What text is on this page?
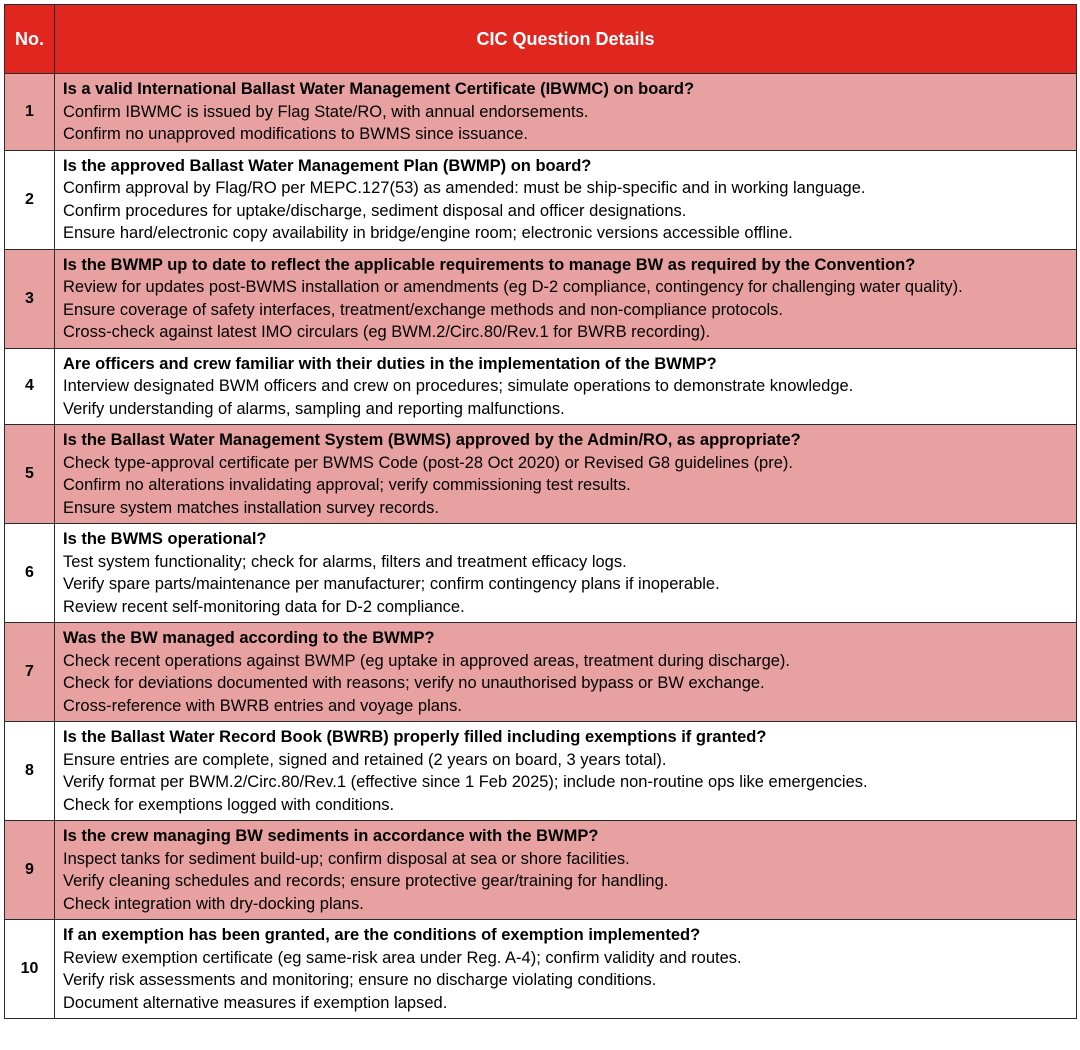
No.	CIC Question Details
1	Is a valid International Ballast Water Management Certificate (IBWMC) on board?
Confirm IBWMC is issued by Flag State/RO, with annual endorsements.
Confirm no unapproved modifications to BWMS since issuance.

2	Is the approved Ballast Water Management Plan (BWMP) on board?
Confirm approval by Flag/RO per MEPC.127(53) as amended: must be ship-specific and in working language.
Confirm procedures for uptake/discharge, sediment disposal and officer designations.
Ensure hard/electronic copy availability in bridge/engine room; electronic versions accessible offline.

3	Is the BWMP up to date to reflect the applicable requirements to manage BW as required by the Convention?
Review for updates post-BWMS installation or amendments (eg D-2 compliance, contingency for challenging water quality).
Ensure coverage of safety interfaces, treatment/exchange methods and non-compliance protocols.
Cross-check against latest IMO circulars (eg BWM.2/Circ.80/Rev.1 for BWRB recording).

4	Are officers and crew familiar with their duties in the implementation of the BWMP?
Interview designated BWM officers and crew on procedures; simulate operations to demonstrate knowledge.
Verify understanding of alarms, sampling and reporting malfunctions.

5	Is the Ballast Water Management System (BWMS) approved by the Admin/RO, as appropriate?
Check type-approval certificate per BWMS Code (post-28 Oct 2020) or Revised G8 guidelines (pre).
Confirm no alterations invalidating approval; verify commissioning test results.
Ensure system matches installation survey records.

6	Is the BWMS operational?
Test system functionality; check for alarms, filters and treatment efficacy logs.
Verify spare parts/maintenance per manufacturer; confirm contingency plans if inoperable.
Review recent self-monitoring data for D-2 compliance.

7	Was the BW managed according to the BWMP?
Check recent operations against BWMP (eg uptake in approved areas, treatment during discharge).
Check for deviations documented with reasons; verify no unauthorised bypass or BW exchange.
Cross-reference with BWRB entries and voyage plans.

8	Is the Ballast Water Record Book (BWRB) properly filled including exemptions if granted?
Ensure entries are complete, signed and retained (2 years on board, 3 years total).
Verify format per BWM.2/Circ.80/Rev.1 (effective since 1 Feb 2025); include non-routine ops like emergencies.
Check for exemptions logged with conditions.

9	Is the crew managing BW sediments in accordance with the BWMP?
Inspect tanks for sediment build-up; confirm disposal at sea or shore facilities.
Verify cleaning schedules and records; ensure protective gear/training for handling.
Check integration with dry-docking plans.

10	If an exemption has been granted, are the conditions of exemption implemented?
Review exemption certificate (eg same-risk area under Reg. A-4); confirm validity and routes.
Verify risk assessments and monitoring; ensure no discharge violating conditions.
Document alternative measures if exemption lapsed.
